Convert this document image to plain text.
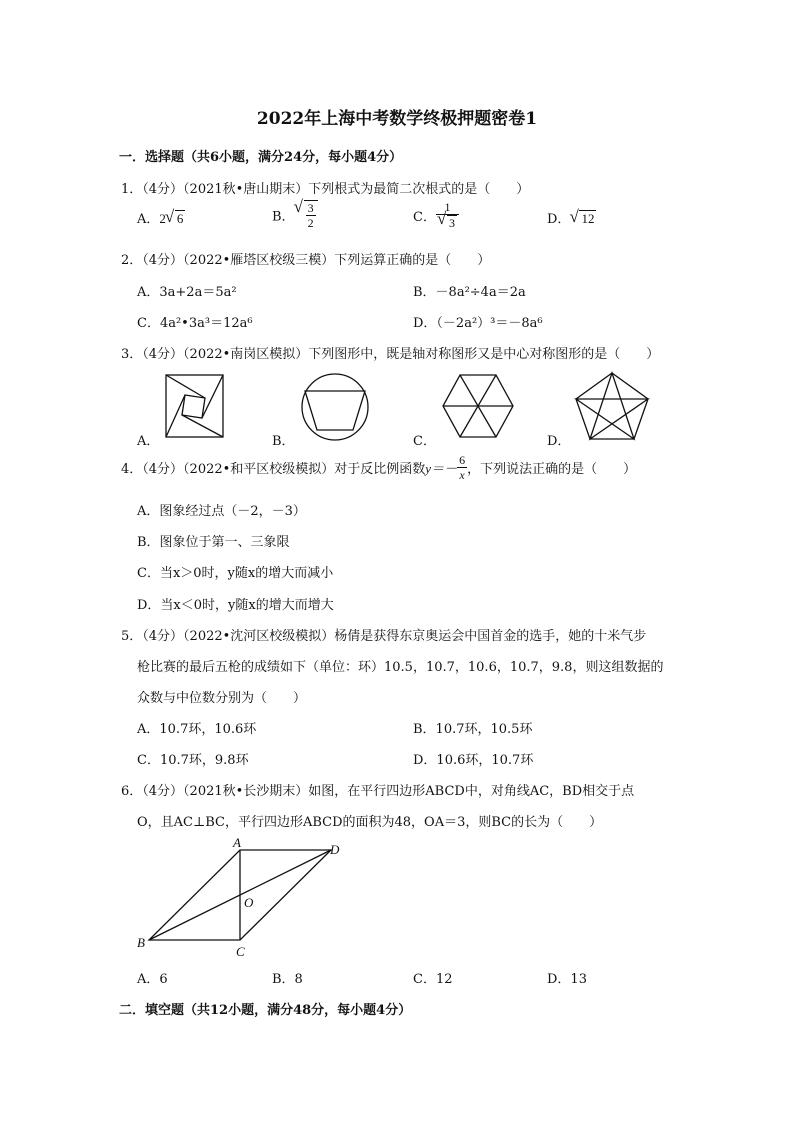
2022年上海中考数学终极押题密卷1
一．选择题（共6小题，满分24分，每小题4分）
1．（4分）（2021秋•唐山期末）下列根式为最简二次根式的是（　　）
A．2 √ 6	B． √ $\frac{3}{2}$	C． 1
√ 3	D． √ 12
2．（4分）（2022•雁塔区校级三模）下列运算正确的是（　　）
A．3a+2a＝5a²	B．－8a²÷4a＝2a
C．4a²•3a³＝12a⁶	D．（－2a²）³＝－8a⁶
3．（4分）（2022•南岗区模拟）下列图形中，既是轴对称图形又是中心对称图形的是（　　）
A．	B．	C．	D．
4．（4分）（2022•和平区校级模拟）对于反比例函数$y=- \frac{6}{x}$ ，下列说法正确的是（　　）
A．图象经过点（－2，－3）
B．图象位于第一、三象限
C．当x＞0时，y随x的增大而减小
D．当x＜0时，y随x的增大而增大
5．（4分）（2022•沈河区校级模拟）杨倩是获得东京奥运会中国首金的选手，她的十米气步
枪比赛的最后五枪的成绩如下（单位：环）10.5，10.7，10.6，10.7，9.8，则这组数据的
众数与中位数分别为（　　）
A．10.7环，10.6环	B．10.7环，10.5环
C．10.7环，9.8环	D．10.6环，10.7环
6．（4分）（2021秋•长沙期末）如图，在平行四边形ABCD中，对角线AC，BD相交于点
O，且AC⊥BC，平行四边形ABCD的面积为48，OA＝3，则BC的长为（　　）
A
B
C
D
O
A．6	B．8	C．12	D．13
二．填空题（共12小题，满分48分，每小题4分）
